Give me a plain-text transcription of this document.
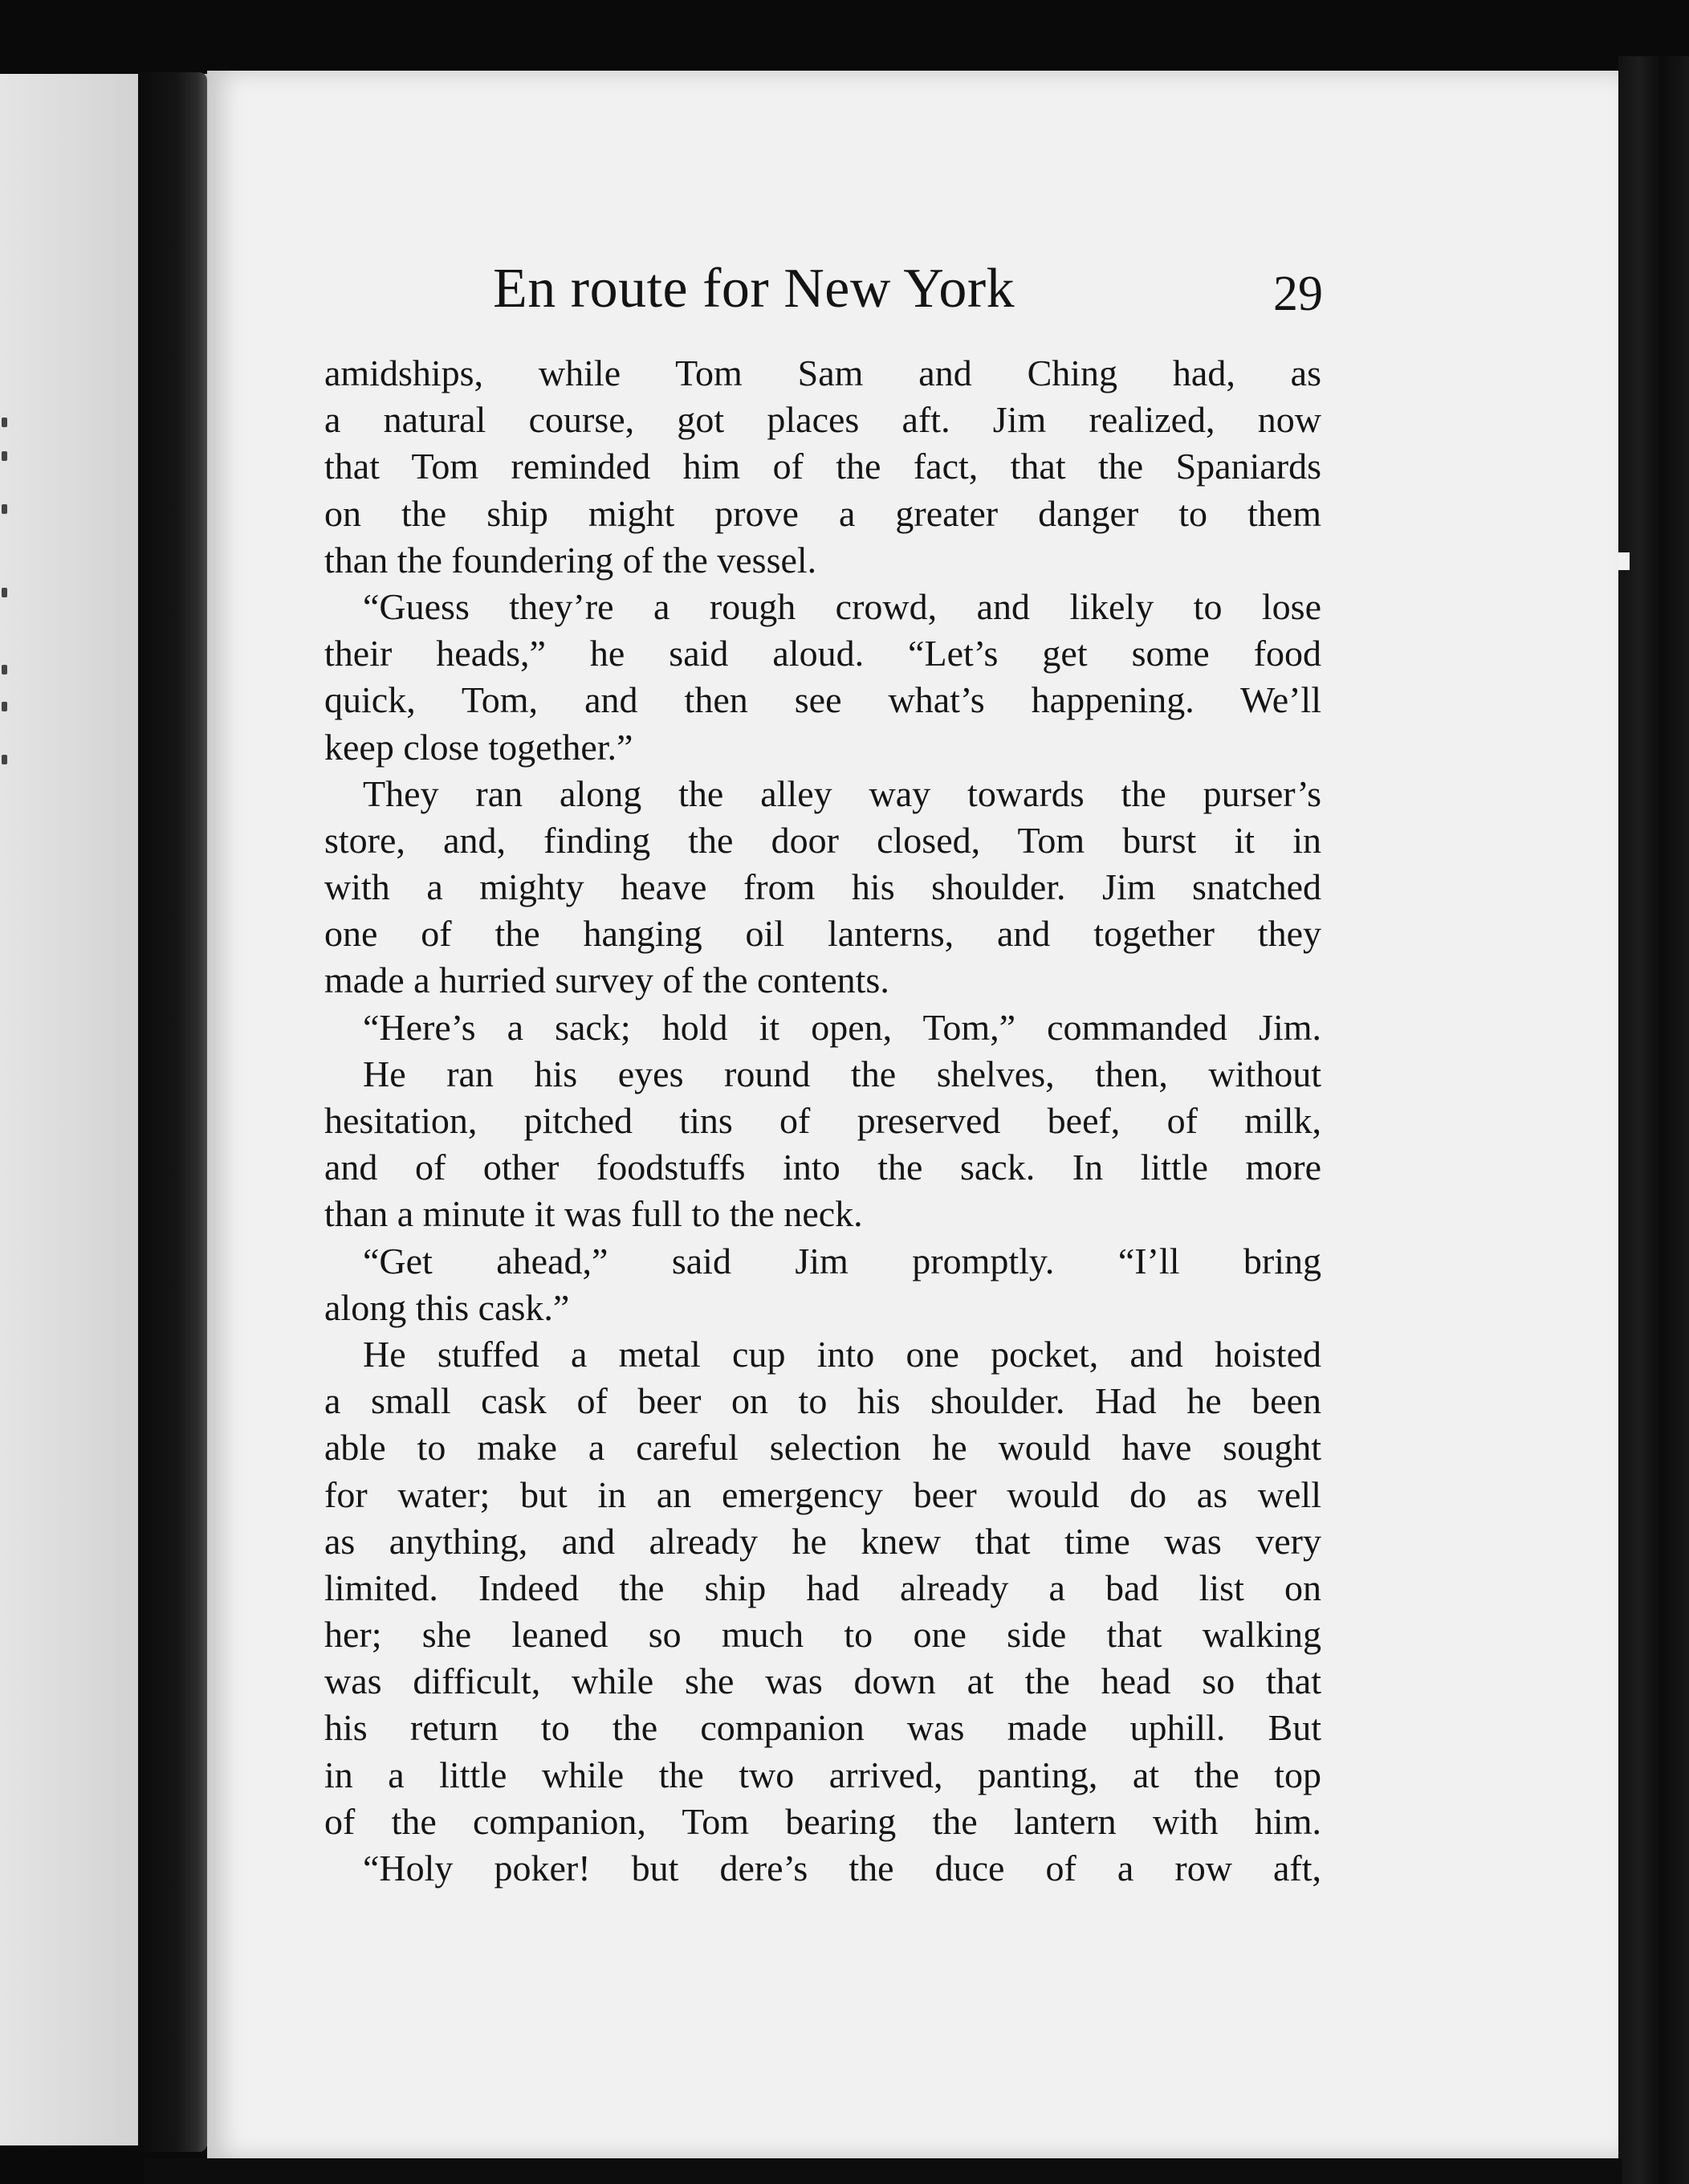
En route for New York	29
amidships, while Tom Sam and Ching had, as
a natural course, got places aft. Jim realized, now
that Tom reminded him of the fact, that the Spaniards
on the ship might prove a greater danger to them
than the foundering of the vessel.
“Guess they’re a rough crowd, and likely to lose
their heads,” he said aloud. “Let’s get some food
quick, Tom, and then see what’s happening. We’ll
keep close together.”
They ran along the alley way towards the purser’s
store, and, finding the door closed, Tom burst it in
with a mighty heave from his shoulder. Jim snatched
one of the hanging oil lanterns, and together they
made a hurried survey of the contents.
“Here’s a sack; hold it open, Tom,” commanded Jim.
He ran his eyes round the shelves, then, without
hesitation, pitched tins of preserved beef, of milk,
and of other foodstuffs into the sack. In little more
than a minute it was full to the neck.
“Get ahead,” said Jim promptly. “I’ll bring
along this cask.”
He stuffed a metal cup into one pocket, and hoisted
a small cask of beer on to his shoulder. Had he been
able to make a careful selection he would have sought
for water; but in an emergency beer would do as well
as anything, and already he knew that time was very
limited. Indeed the ship had already a bad list on
her; she leaned so much to one side that walking
was difficult, while she was down at the head so that
his return to the companion was made uphill. But
in a little while the two arrived, panting, at the top
of the companion, Tom bearing the lantern with him.
“Holy poker! but dere’s the duce of a row aft,
